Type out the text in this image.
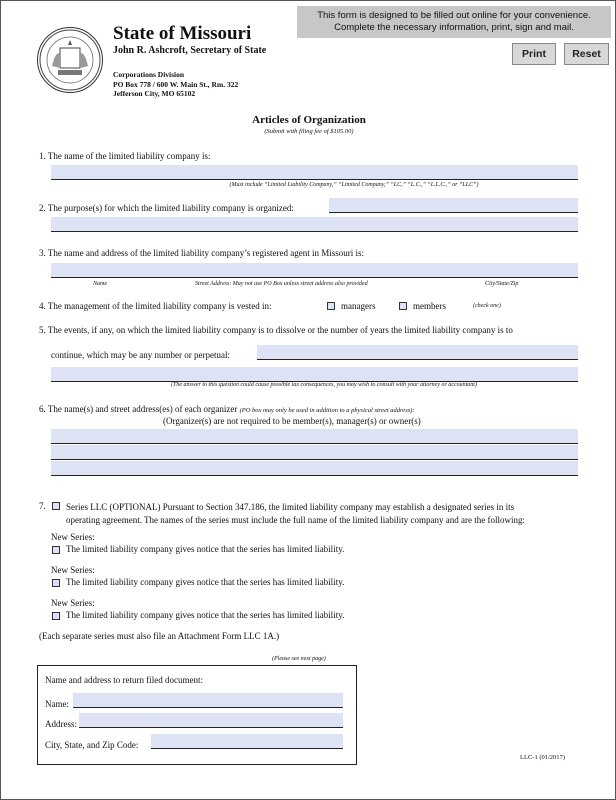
State of Missouri
John R. Ashcroft, Secretary of State
Corporations Division
PO Box 778 / 600 W. Main St., Rm. 322
Jefferson City, MO 65102
This form is designed to be filled out online for your convenience.
Complete the necessary information, print, sign and mail.
Print	Reset
Articles of Organization
(Submit with filing fee of $105.00)
1. The name of the limited liability company is:
(Must include “Limited Liability Company,” “Limited Company,” “LC,” “L.C.,” “L.L.C.,” or “LLC”)
2. The purpose(s) for which the limited liability company is organized:
3. The name and address of the limited liability company’s registered agent in Missouri is:
Name	Street Address: May not use PO Box unless street address also provided	City/State/Zip
4. The management of the limited liability company is vested in:	managers	members	(check one)
5. The events, if any, on which the limited liability company is to dissolve or the number of years the limited liability company is to
continue, which may be any number or perpetual:
(The answer to this question could cause possible tax consequences, you may wish to consult with your attorney or accountant)
6. The name(s) and street address(es) of each organizer (PO box may only be used in addition to a physical street address):
(Organizer(s) are not required to be member(s), manager(s) or owner(s)
7. Series LLC (OPTIONAL) Pursuant to Section 347.186, the limited liability company may establish a designated series in its
operating agreement. The names of the series must include the full name of the limited liability company and are the following:
New Series:
The limited liability company gives notice that the series has limited liability.
New Series:
The limited liability company gives notice that the series has limited liability.
New Series:
The limited liability company gives notice that the series has limited liability.
(Each separate series must also file an Attachment Form LLC 1A.)
(Please see next page)
Name and address to return filed document:
Name:
Address:
City, State, and Zip Code:
LLC-1 (01/2017)
